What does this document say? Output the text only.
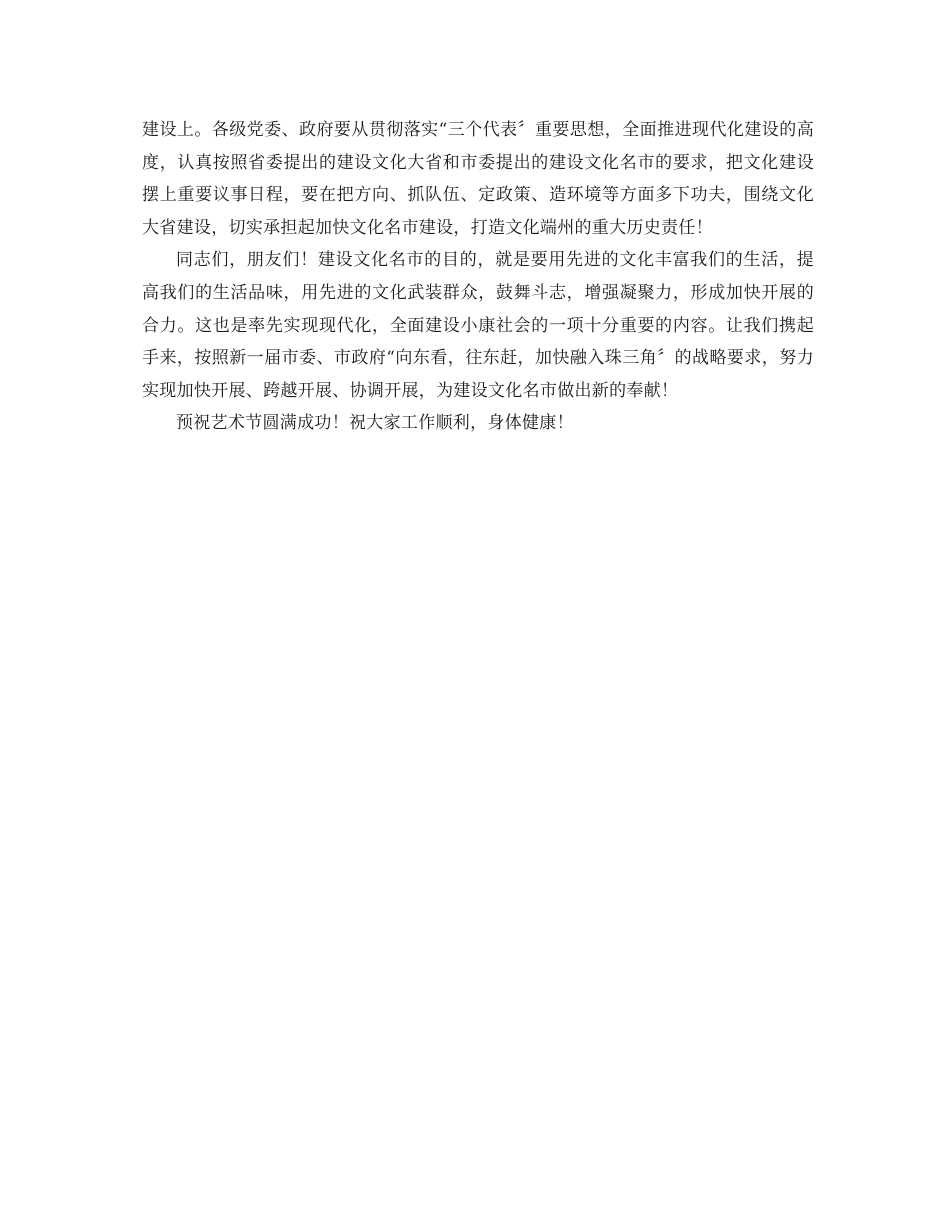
建设上。各级党委、政府要从贯彻落实“三个代表〞重要思想，全面推进现代化建设的高度，认真按照省委提出的建设文化大省和市委提出的建设文化名市的要求，把文化建设摆上重要议事日程，要在把方向、抓队伍、定政策、造环境等方面多下功夫，围绕文化大省建设，切实承担起加快文化名市建设，打造文化端州的重大历史责任！

同志们，朋友们！建设文化名市的目的，就是要用先进的文化丰富我们的生活，提高我们的生活品味，用先进的文化武装群众，鼓舞斗志，增强凝聚力，形成加快开展的合力。这也是率先实现现代化，全面建设小康社会的一项十分重要的内容。让我们携起手来，按照新一届市委、市政府“向东看，往东赶，加快融入珠三角〞的战略要求，努力实现加快开展、跨越开展、协调开展，为建设文化名市做出新的奉献！

预祝艺术节圆满成功！祝大家工作顺利，身体健康！
